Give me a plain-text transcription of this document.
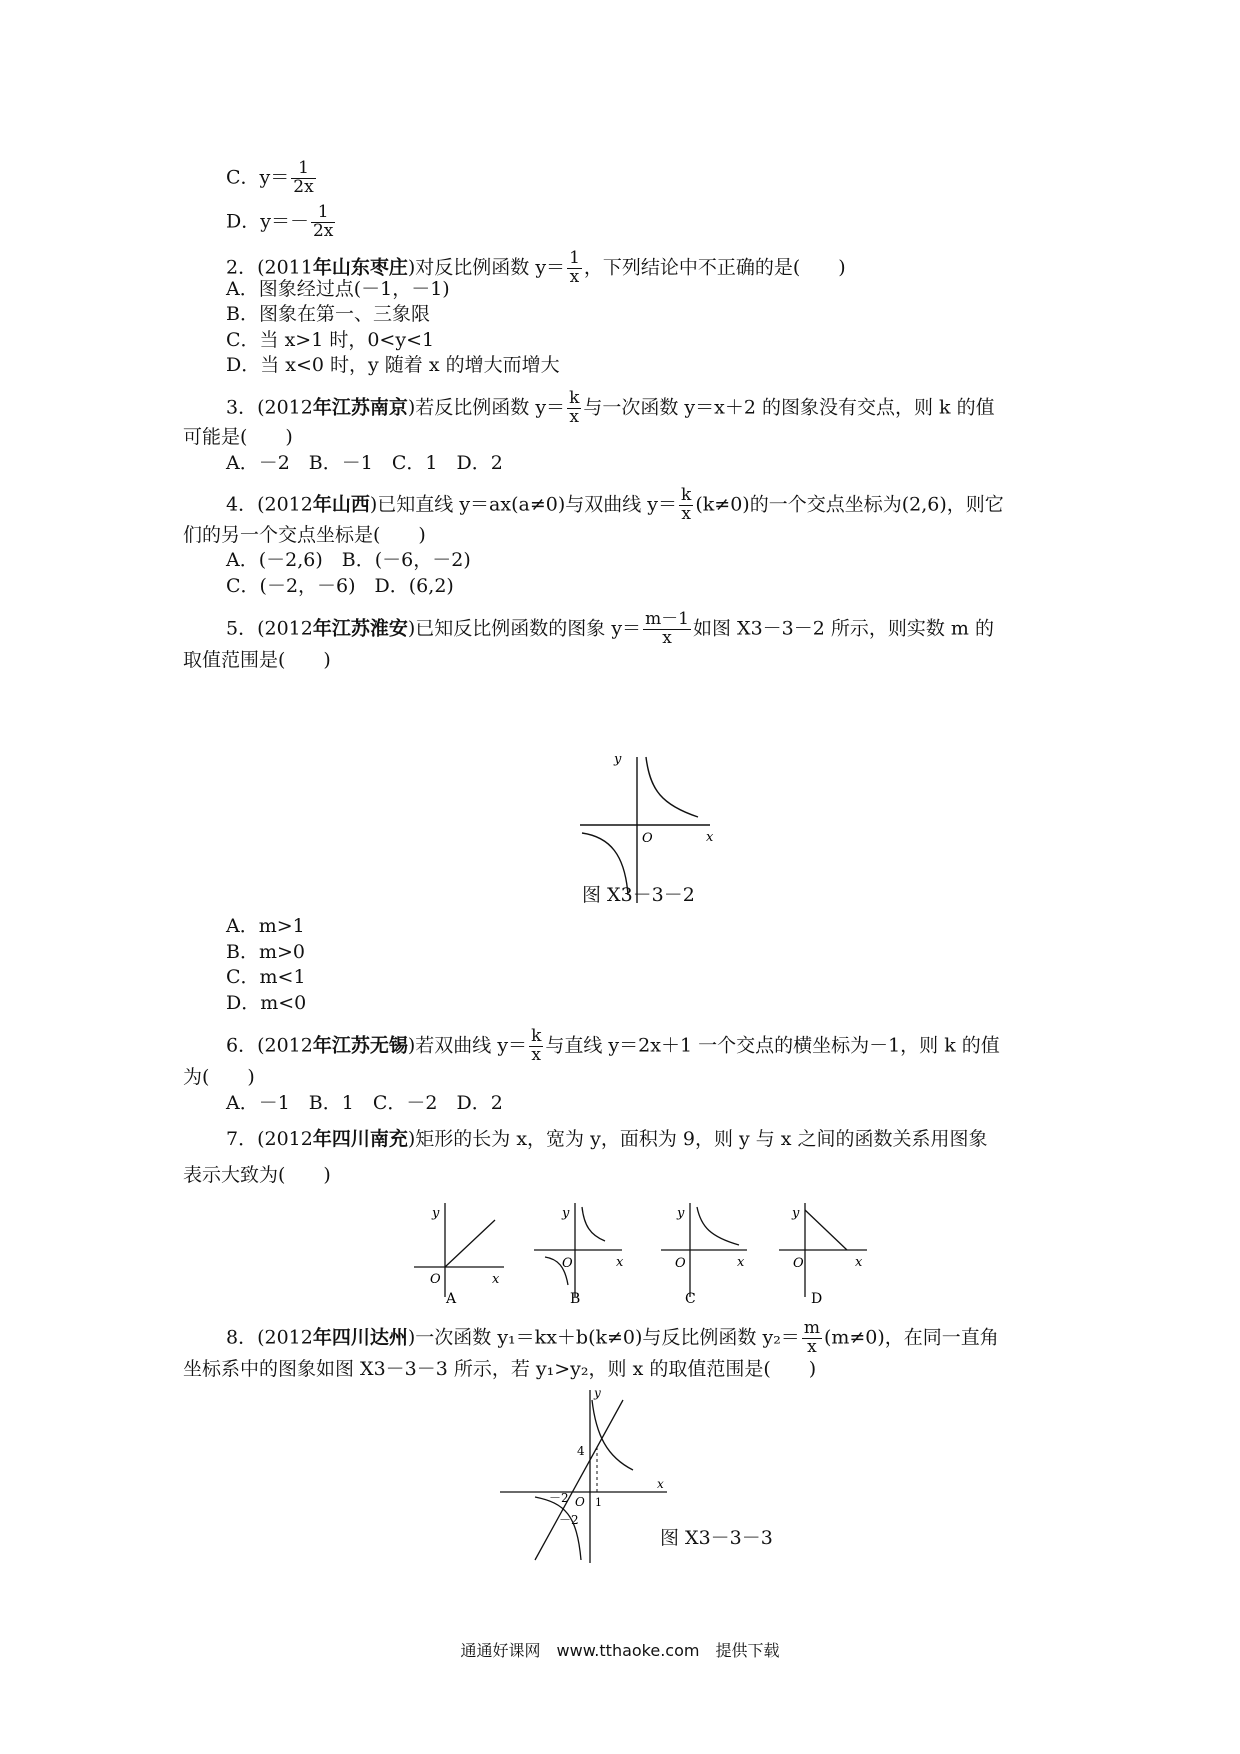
C．$y= \frac{1}{2x}$
D．$y=- \frac{1}{2x}$
2．(2011年山东枣庄)对反比例函数 $y= \frac{1}{x}$ ，下列结论中不正确的是(　　)
A．图象经过点(－1，－1)
B．图象在第一、三象限
C．当 x>1 时，0<y<1
D．当 x<0 时，y 随着 x 的增大而增大
3．(2012年江苏南京)若反比例函数 $y= \frac{k}{x}$ 与一次函数 y＝x＋2 的图象没有交点，则 k 的值
可能是(　　)
A．－2　B．－1　C．1　D．2
4．(2012年山西)已知直线 y＝ax(a≠0)与双曲线 $y= \frac{k}{x} (k\ne 0)$的一个交点坐标为(2,6)，则它
们的另一个交点坐标是(　　)
A．(－2,6)　B．(－6，－2)
C．(－2，－6)　D．(6,2)
5．(2012年江苏淮安)已知反比例函数的图象 $y= \frac{m-1}{x}$ 如图 X3－3－2 所示，则实数 m 的
取值范围是(　　)
y
x
O
图 X3－3－2
A．m>1
B．m>0
C．m<1
D．m<0
6．(2012年江苏无锡)若双曲线 $y= \frac{k}{x}$ 与直线 y＝2x＋1 一个交点的横坐标为－1，则 k 的值
为(　　)
A．－1　B．1　C．－2　D．2
7．(2012年四川南充)矩形的长为 x，宽为 y，面积为 9，则 y 与 x 之间的函数关系用图象
表示大致为(　　)
y
x
O
A
y
x
O
B
y
x
O
C
y
x
O
D
8．(2012年四川达州)一次函数 y₁＝kx＋b(k≠0)与反比例函数 $y_2= \frac{m}{x} (m\ne 0)$，在同一直角
坐标系中的图象如图 X3－3－3 所示，若 y₁>y₂，则 x 的取值范围是(　　)
y
x
O
4
1
－2
－2
图 X3－3－3
通通好课网　www.tthaoke.com　提供下载
